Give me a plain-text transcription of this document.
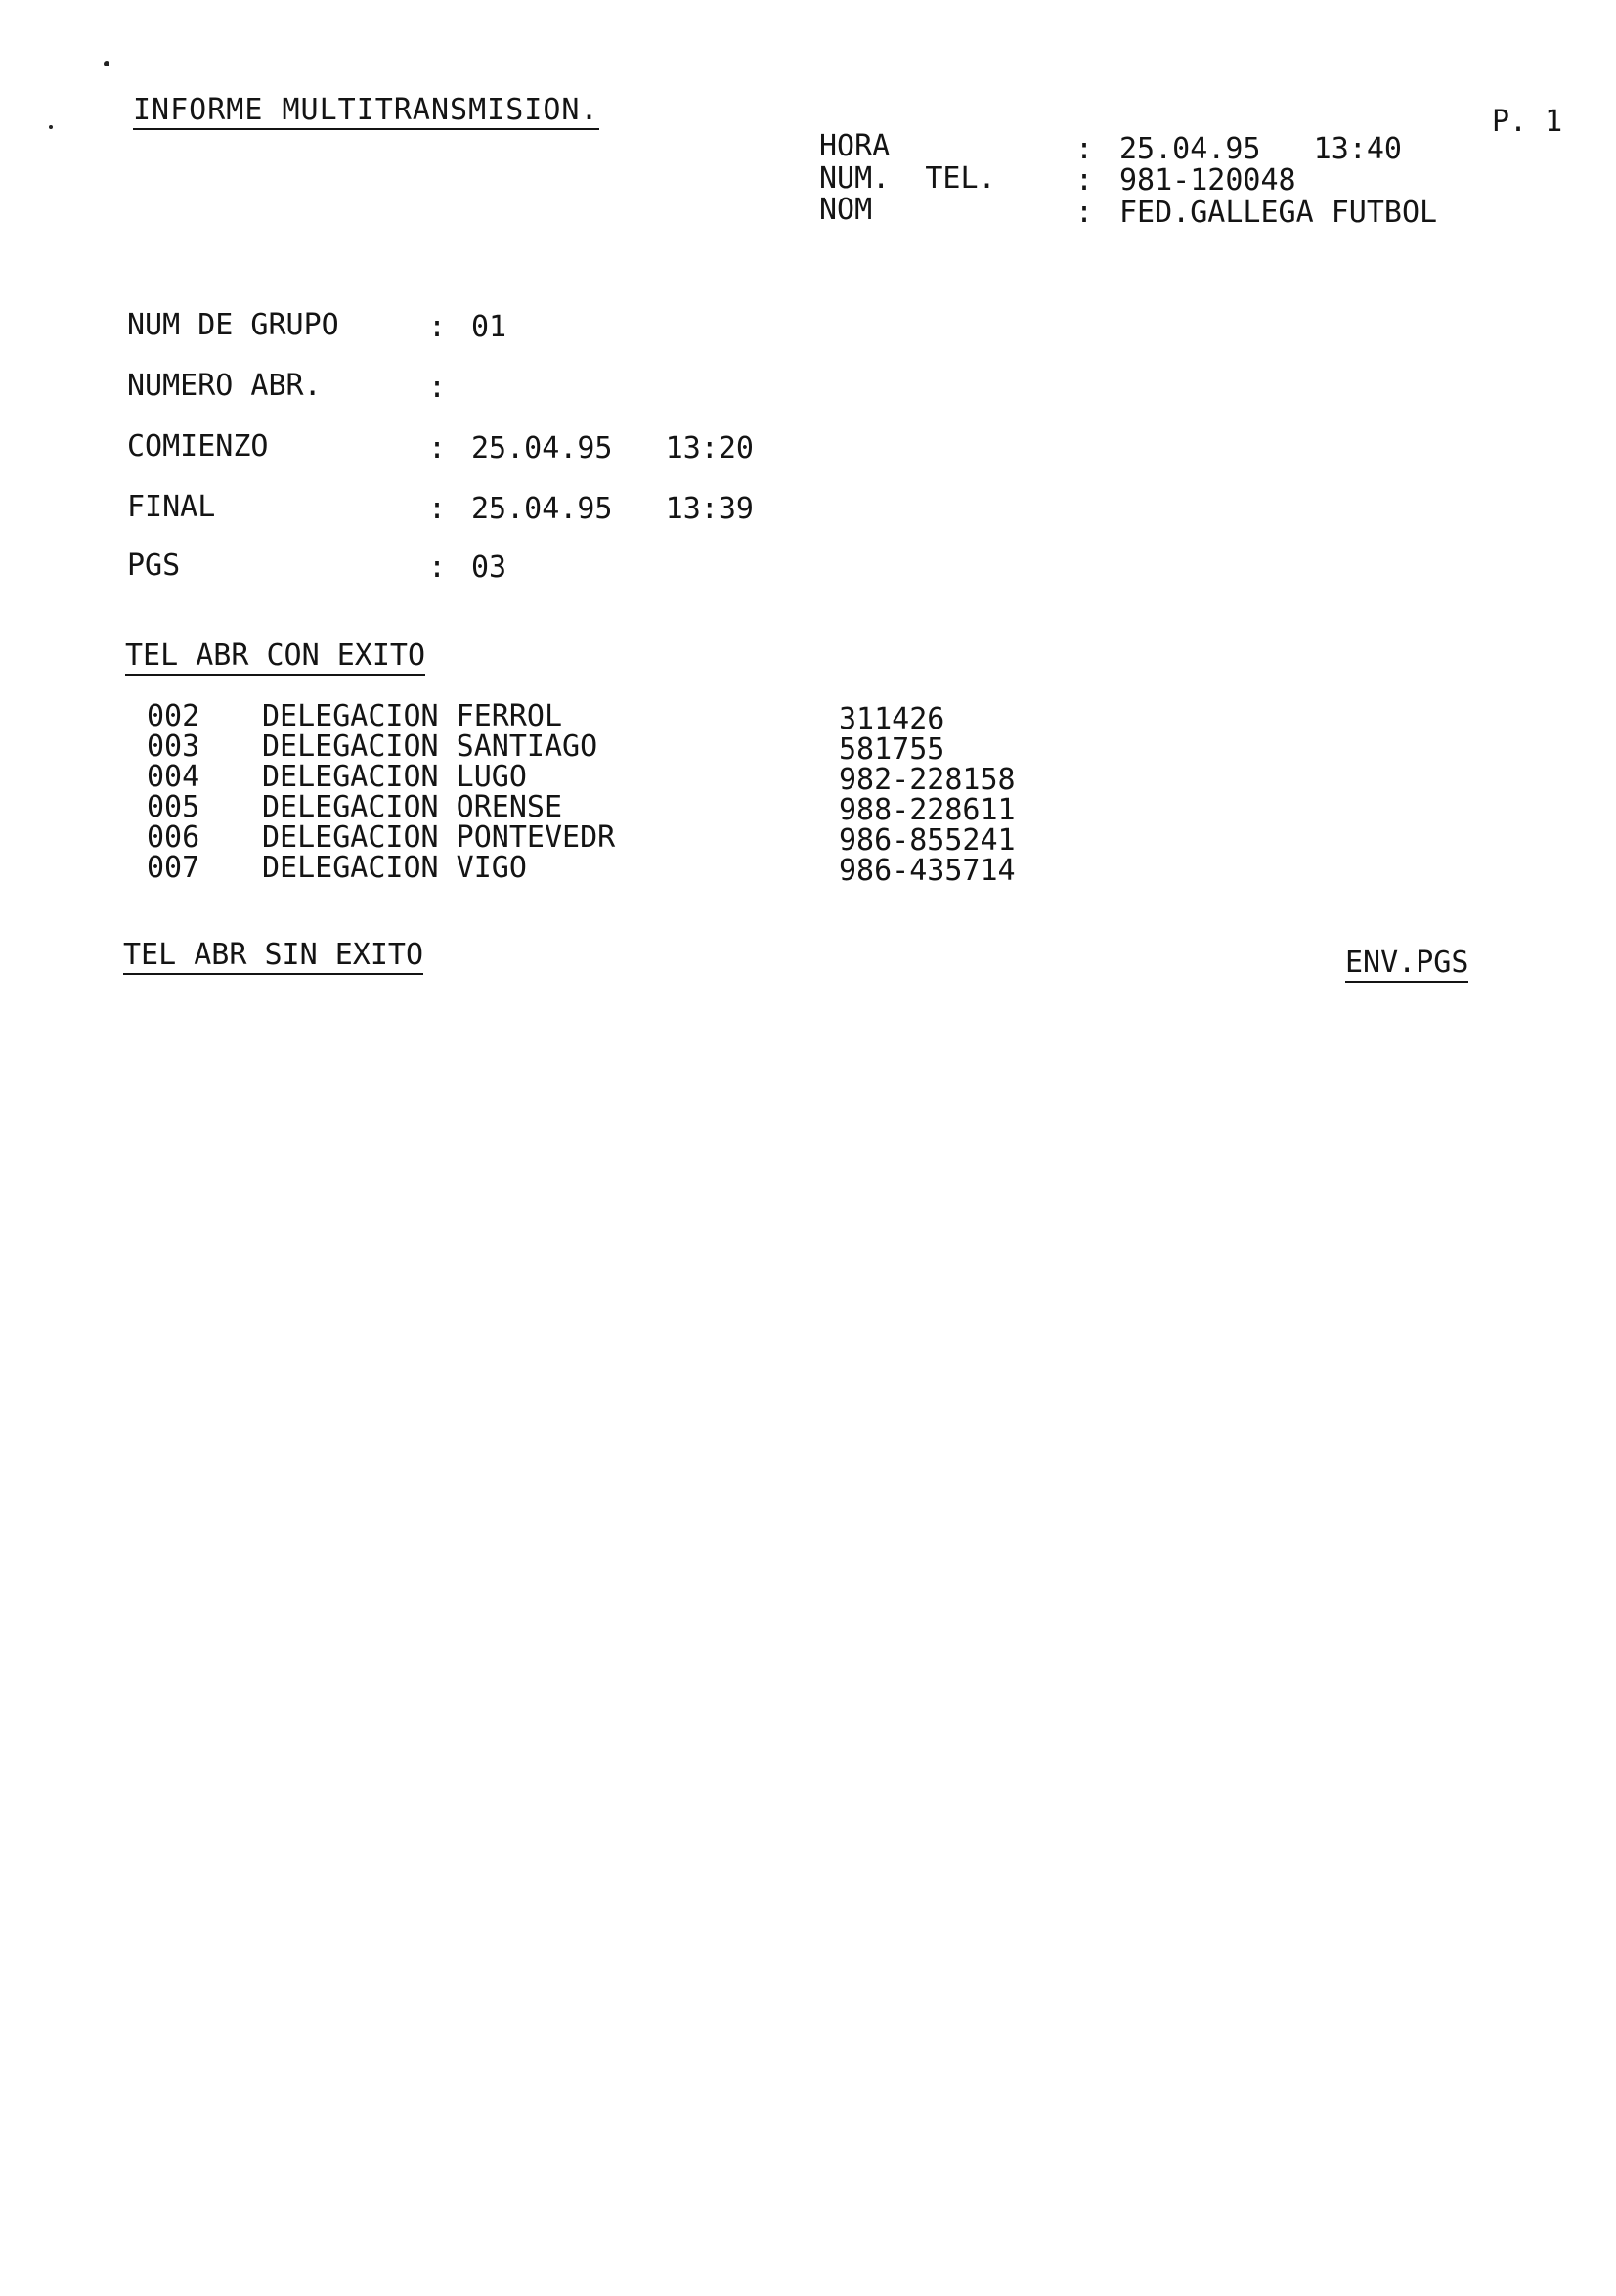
INFORME MULTITRANSMISION.	P. 1
HORA	: 25.04.95   13:40
NUM.  TEL.	: 981-120048
NOM	: FED.GALLEGA FUTBOL
NUM DE GRUPO	: 01
NUMERO ABR.	:
COMIENZO	: 25.04.95   13:20
FINAL	: 25.04.95   13:39
PGS	: 03
TEL ABR CON EXITO
002 DELEGACION FERROL	311426
003 DELEGACION SANTIAGO	581755
004 DELEGACION LUGO	982-228158
005 DELEGACION ORENSE	988-228611
006 DELEGACION PONTEVEDR	986-855241
007 DELEGACION VIGO	986-435714
TEL ABR SIN EXITO	ENV.PGS
